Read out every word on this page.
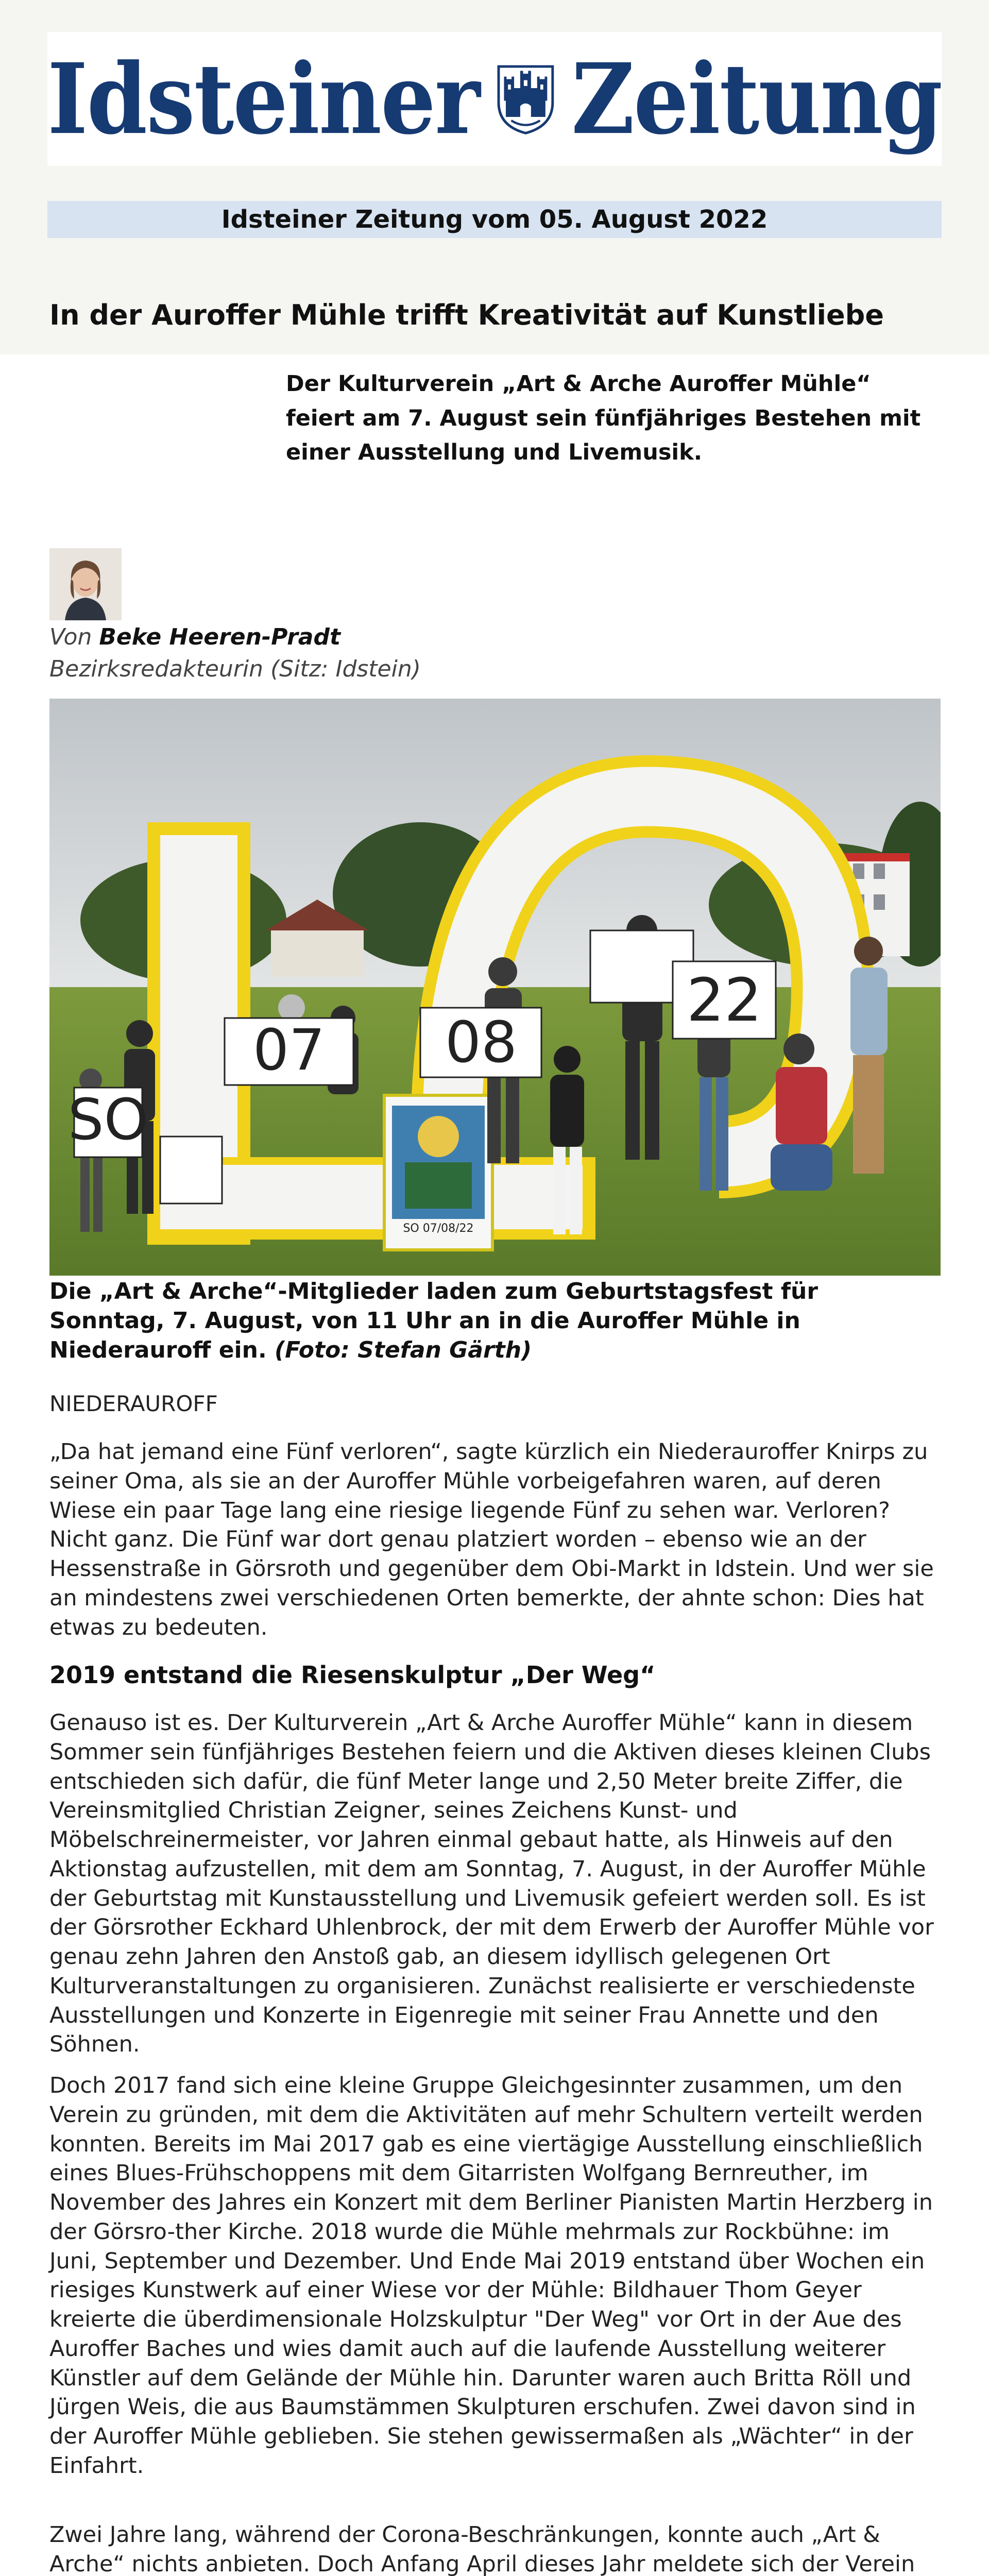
Idsteiner Zeitung
Idsteiner Zeitung vom 05. August 2022
In der Auroffer Mühle trifft Kreativität auf Kunstliebe
Der Kulturverein „Art & Arche Auroffer Mühle“ feiert am 7. August sein fünfjähriges Bestehen mit einer Ausstellung und Livemusik.
Von Beke Heeren-Pradt
Bezirksredakteurin (Sitz: Idstein)
SO
07 08
22
SO 07/08/22
Die „Art & Arche“-Mitglieder laden zum Geburtstagsfest für Sonntag, 7. August, von 11 Uhr an in die Auroffer Mühle in Niederauroff ein. (Foto: Stefan Gärth)
NIEDERAUROFF
„Da hat jemand eine Fünf verloren“, sagte kürzlich ein Niederauroffer Knirps zu seiner Oma, als sie an der Auroffer Mühle vorbeigefahren waren, auf deren Wiese ein paar Tage lang eine riesige liegende Fünf zu sehen war. Verloren? Nicht ganz. Die Fünf war dort genau platziert worden – ebenso wie an der Hessenstraße in Görsroth und gegenüber dem Obi-Markt in Idstein. Und wer sie an mindestens zwei verschiedenen Orten bemerkte, der ahnte schon: Dies hat etwas zu bedeuten.
2019 entstand die Riesenskulptur „Der Weg“
Genauso ist es. Der Kulturverein „Art & Arche Auroffer Mühle“ kann in diesem Sommer sein fünfjähriges Bestehen feiern und die Aktiven dieses kleinen Clubs entschieden sich dafür, die fünf Meter lange und 2,50 Meter breite Ziffer, die Vereinsmitglied Christian Zeigner, seines Zeichens Kunst- und Möbelschreinermeister, vor Jahren einmal gebaut hatte, als Hinweis auf den Aktionstag aufzustellen, mit dem am Sonntag, 7. August, in der Auroffer Mühle der Geburtstag mit Kunstausstellung und Livemusik gefeiert werden soll. Es ist der Görsrother Eckhard Uhlenbrock, der mit dem Erwerb der Auroffer Mühle vor genau zehn Jahren den Anstoß gab, an diesem idyllisch gelegenen Ort Kulturveranstaltungen zu organisieren. Zunächst realisierte er verschiedenste Ausstellungen und Konzerte in Eigenregie mit seiner Frau Annette und den Söhnen.
Doch 2017 fand sich eine kleine Gruppe Gleichgesinnter zusammen, um den Verein zu gründen, mit dem die Aktivitäten auf mehr Schultern verteilt werden konnten. Bereits im Mai 2017 gab es eine viertägige Ausstellung einschließlich eines Blues-Frühschoppens mit dem Gitarristen Wolfgang Bernreuther, im November des Jahres ein Konzert mit dem Berliner Pianisten Martin Herzberg in der Görsro-ther Kirche. 2018 wurde die Mühle mehrmals zur Rockbühne: im Juni, September und Dezember. Und Ende Mai 2019 entstand über Wochen ein riesiges Kunstwerk auf einer Wiese vor der Mühle: Bildhauer Thom Geyer kreierte die überdimensionale Holzskulptur "Der Weg" vor Ort in der Aue des Auroffer Baches und wies damit auch auf die laufende Ausstellung weiterer Künstler auf dem Gelände der Mühle hin. Darunter waren auch Britta Röll und Jürgen Weis, die aus Baumstämmen Skulpturen erschufen. Zwei davon sind in der Auroffer Mühle geblieben. Sie stehen gewissermaßen als „Wächter“ in der Einfahrt.
Zwei Jahre lang, während der Corona-Beschränkungen, konnte auch „Art & Arche“ nichts anbieten. Doch Anfang April dieses Jahr meldete sich der Verein
